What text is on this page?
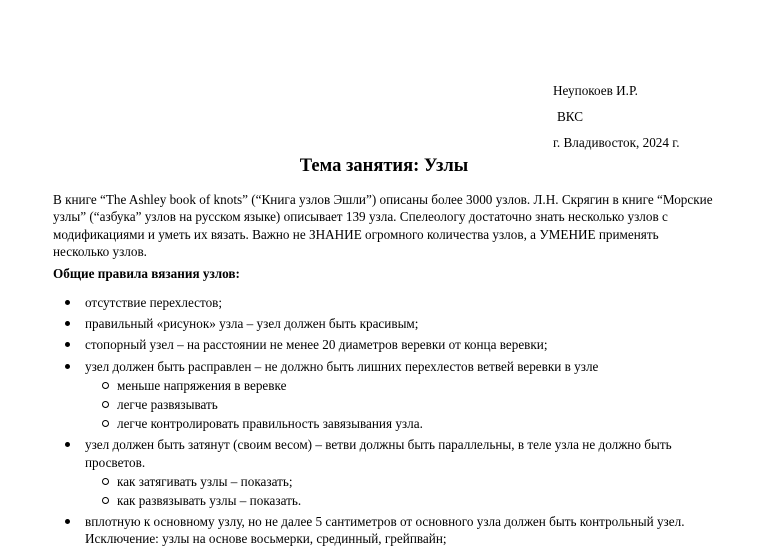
Неупокоев И.Р.
ВКС
г. Владивосток, 2024 г.
Тема занятия: Узлы

В книге “The Ashley book of knots” (“Книга узлов Эшли”) описаны более 3000 узлов. Л.Н. Скрягин в книге “Морские узлы” (“азбука” узлов на русском языке) описывает 139 узла. Спелеологу достаточно знать несколько узлов с модификациями и уметь их вязать. Важно не ЗНАНИЕ огромного количества узлов, а УМЕНИЕ применять несколько узлов.

Общие правила вязания узлов:
отсутствие перехлестов;
правильный «рисунок» узла – узел должен быть красивым;
стопорный узел – на расстоянии не менее 20 диаметров веревки от конца веревки;
узел должен быть расправлен – не должно быть лишних перехлестов ветвей веревки в узле
меньше напряжения в веревке
легче развязывать
легче контролировать правильность завязывания узла.
узел должен быть затянут (своим весом) – ветви должны быть параллельны, в теле узла не должно быть просветов.
как затягивать узлы – показать;
как развязывать узлы – показать.
вплотную к основному узлу, но не далее 5 сантиметров от основного узла должен быть контрольный узел.
Исключение: узлы на основе восьмерки, срединный, грейпвайн;
